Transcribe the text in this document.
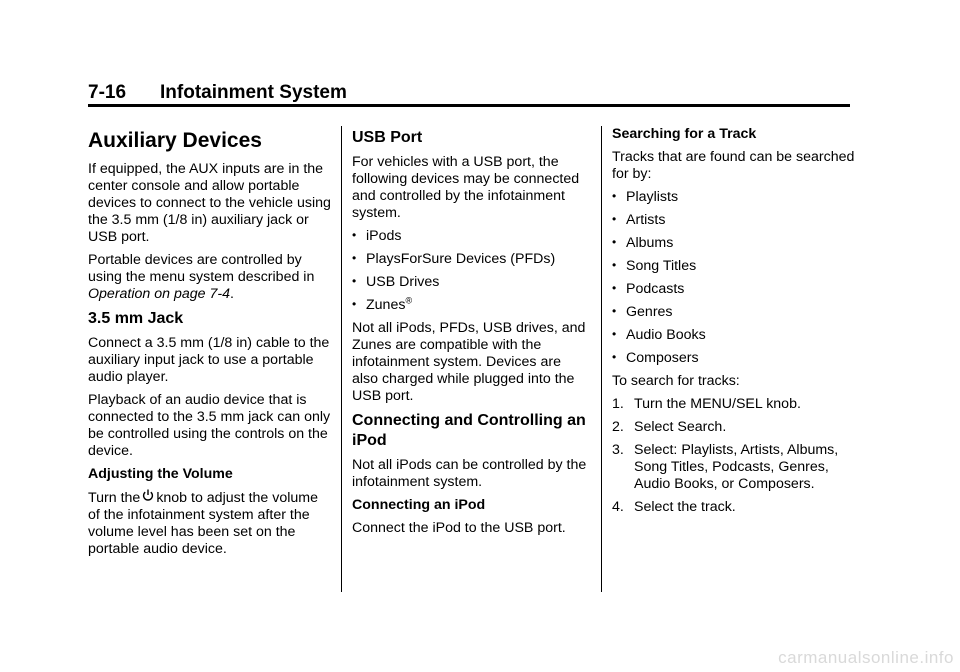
7-16 Infotainment System
Auxiliary Devices

If equipped, the AUX inputs are in the center console and allow portable devices to connect to the vehicle using the 3.5 mm (1/8 in) auxiliary jack or USB port.

Portable devices are controlled by using the menu system described in Operation on page 7-4.

3.5 mm Jack

Connect a 3.5 mm (1/8 in) cable to the auxiliary input jack to use a portable audio player.

Playback of an audio device that is connected to the 3.5 mm jack can only be controlled using the controls on the device.

Adjusting the Volume

Turn the knob to adjust the volume of the infotainment system after the volume level has been set on the portable audio device.

USB Port

For vehicles with a USB port, the following devices may be connected and controlled by the infotainment system.

• iPods
• PlaysForSure Devices (PFDs)
• USB Drives
• Zunes®

Not all iPods, PFDs, USB drives, and Zunes are compatible with the infotainment system. Devices are also charged while plugged into the USB port.

Connecting and Controlling an iPod

Not all iPods can be controlled by the infotainment system.

Connecting an iPod

Connect the iPod to the USB port.

Searching for a Track

Tracks that are found can be searched for by:

• Playlists
• Artists
• Albums
• Song Titles
• Podcasts
• Genres
• Audio Books
• Composers

To search for tracks:

1. Turn the MENU/SEL knob.
2. Select Search.
3. Select: Playlists, Artists, Albums, Song Titles, Podcasts, Genres, Audio Books, or Composers.
4. Select the track.
carmanualsonline.info
